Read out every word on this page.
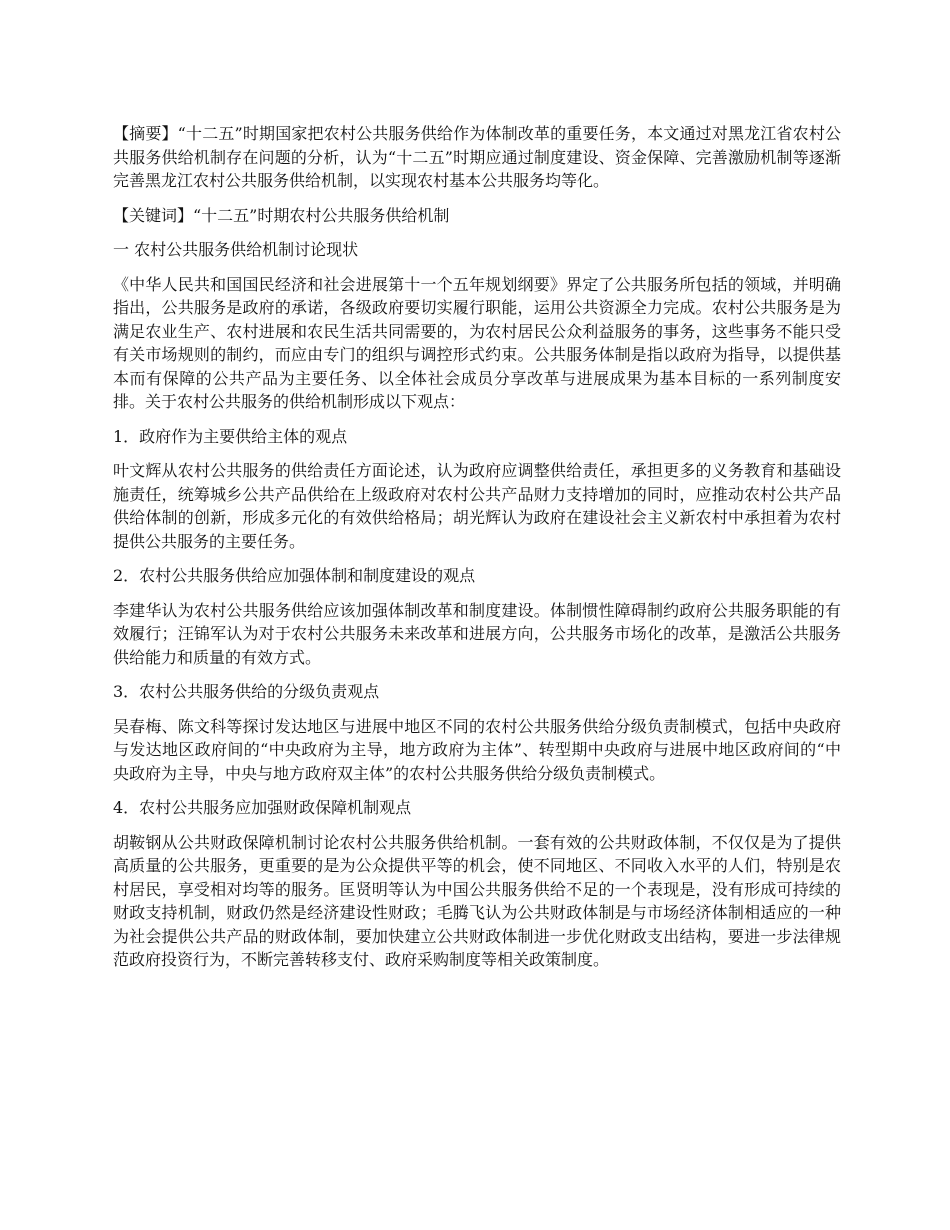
【摘要】“十二五”时期国家把农村公共服务供给作为体制改革的重要任务，本文通过对黑龙江省农村公共服务供给机制存在问题的分析，认为“十二五”时期应通过制度建设、资金保障、完善激励机制等逐渐完善黑龙江农村公共服务供给机制，以实现农村基本公共服务均等化。

【关键词】“十二五”时期农村公共服务供给机制

一 农村公共服务供给机制讨论现状

《中华人民共和国国民经济和社会进展第十一个五年规划纲要》界定了公共服务所包括的领域，并明确指出，公共服务是政府的承诺，各级政府要切实履行职能，运用公共资源全力完成。农村公共服务是为满足农业生产、农村进展和农民生活共同需要的，为农村居民公众利益服务的事务，这些事务不能只受有关市场规则的制约，而应由专门的组织与调控形式约束。公共服务体制是指以政府为指导，以提供基本而有保障的公共产品为主要任务、以全体社会成员分享改革与进展成果为基本目标的一系列制度安排。关于农村公共服务的供给机制形成以下观点：

1．政府作为主要供给主体的观点

叶文辉从农村公共服务的供给责任方面论述，认为政府应调整供给责任，承担更多的义务教育和基础设施责任，统筹城乡公共产品供给在上级政府对农村公共产品财力支持增加的同时，应推动农村公共产品供给体制的创新，形成多元化的有效供给格局；胡光辉认为政府在建设社会主义新农村中承担着为农村提供公共服务的主要任务。

2．农村公共服务供给应加强体制和制度建设的观点

李建华认为农村公共服务供给应该加强体制改革和制度建设。体制惯性障碍制约政府公共服务职能的有效履行；汪锦军认为对于农村公共服务未来改革和进展方向，公共服务市场化的改革，是激活公共服务供给能力和质量的有效方式。

3．农村公共服务供给的分级负责观点

吴春梅、陈文科等探讨发达地区与进展中地区不同的农村公共服务供给分级负责制模式，包括中央政府与发达地区政府间的“中央政府为主导，地方政府为主体”、转型期中央政府与进展中地区政府间的“中央政府为主导，中央与地方政府双主体”的农村公共服务供给分级负责制模式。

4．农村公共服务应加强财政保障机制观点

胡鞍钢从公共财政保障机制讨论农村公共服务供给机制。一套有效的公共财政体制，不仅仅是为了提供高质量的公共服务，更重要的是为公众提供平等的机会，使不同地区、不同收入水平的人们，特别是农村居民，享受相对均等的服务。匡贤明等认为中国公共服务供给不足的一个表现是，没有形成可持续的财政支持机制，财政仍然是经济建设性财政；毛腾飞认为公共财政体制是与市场经济体制相适应的一种为社会提供公共产品的财政体制，要加快建立公共财政体制进一步优化财政支出结构，要进一步法律规范政府投资行为，不断完善转移支付、政府采购制度等相关政策制度。
